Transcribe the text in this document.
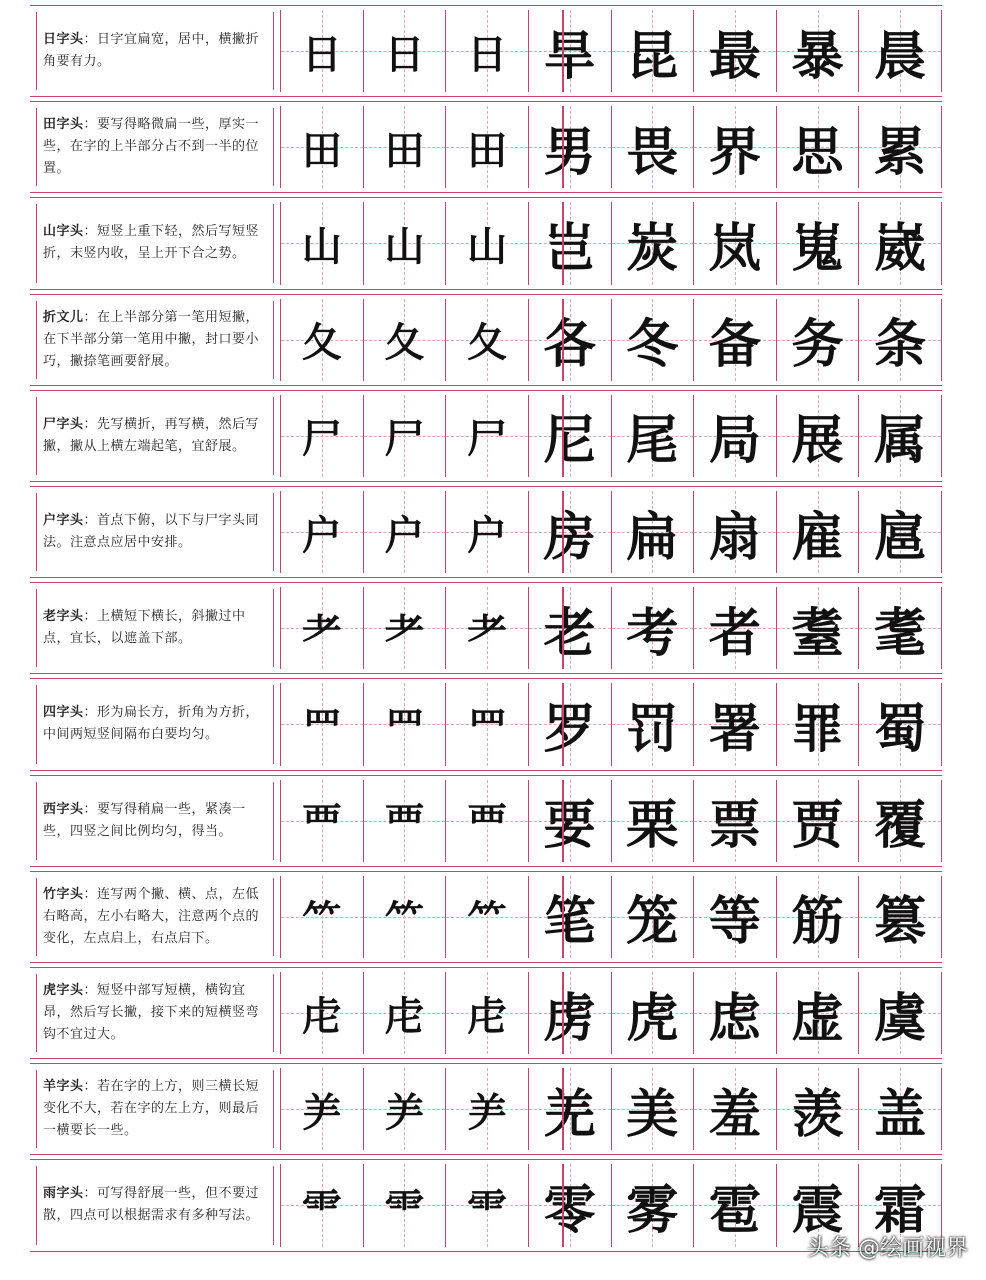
日字头：日字宜扁宽，居中，横撇折角要有力。	日 日 日 旱 昆 最 暴 晨
田字头：要写得略微扁一些，厚实一些，在字的上半部分占不到一半的位置。	田 田 田 男 畏 界 思 累
山字头：短竖上重下轻，然后写短竖折，末竖内收，呈上开下合之势。	山 山 山 岂 炭 岚 嵬 崴
折文儿：在上半部分第一笔用短撇，在下半部分第一笔用中撇，封口要小巧，撇捺笔画要舒展。	夂 夂 夂 各 冬 备 务 条
尸字头：先写横折，再写横，然后写撇，撇从上横左端起笔，宜舒展。	尸 尸 尸 尼 尾 局 展 属
户字头：首点下俯，以下与尸字头同法。注意点应居中安排。	户 户 户 房 扁 扇 雇 扈
老字头：上横短下横长，斜撇过中点，宜长，以遮盖下部。	耂 耂 耂 老 考 者 耋 耄
四字头：形为扁长方，折角为方折，中间两短竖间隔布白要均匀。	罒 罒 罒 罗 罚 署 罪 蜀
西字头：要写得稍扁一些，紧凑一些，四竖之间比例均匀，得当。	覀 覀 覀 要 栗 票 贾 覆
竹字头：连写两个撇、横、点，左低右略高，左小右略大，注意两个点的变化，左点启上，右点启下。	⺮ ⺮ ⺮ 笔 笼 等 筋 篡
虎字头：短竖中部写短横，横钩宜昂，然后写长撇，接下来的短横竖弯钩不宜过大。	虍 虍 虍 虏 虎 虑 虚 虞
羊字头：若在字的上方，则三横长短变化不大，若在字的左上方，则最后一横要长一些。	⺶ ⺶ ⺶ 羌 美 羞 羡 盖
雨字头：可写得舒展一些，但不要过散，四点可以根据需求有多种写法。 ⻗ ⻗ ⻗ 零 雾 雹 震 霜
头条 @绘画视界
